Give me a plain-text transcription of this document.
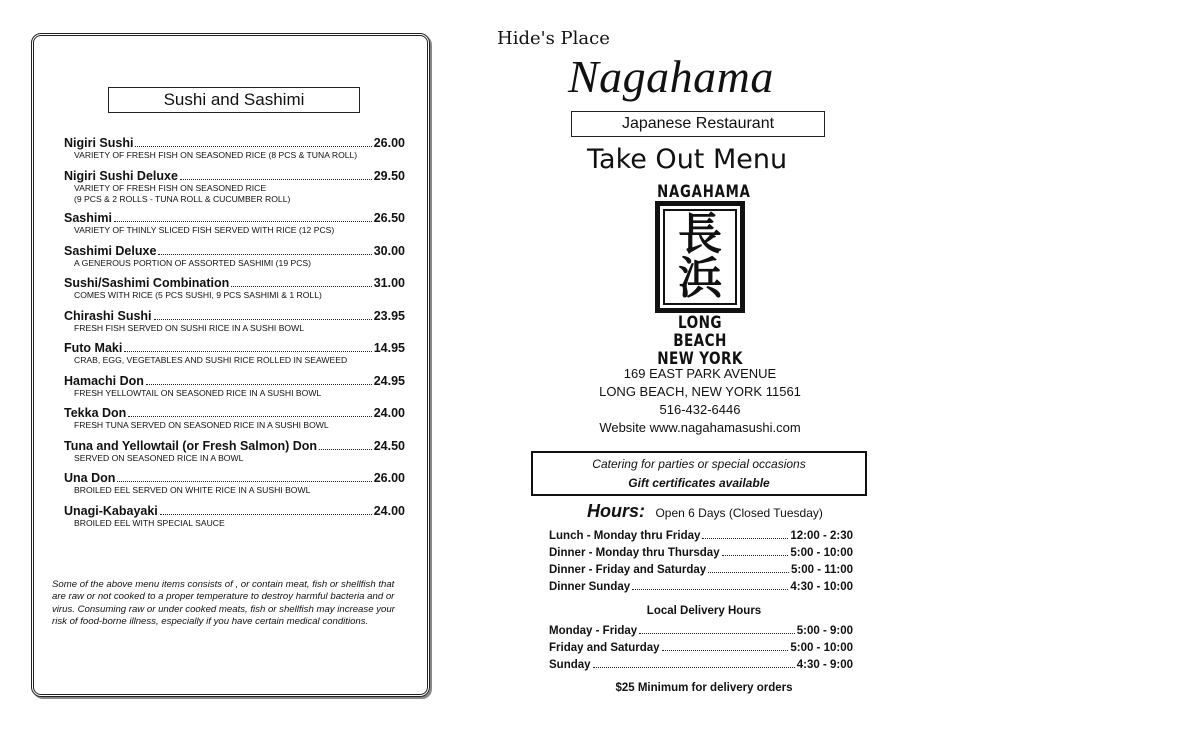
Sushi and Sashimi
Nigiri Sushi	26.00
VARIETY OF FRESH FISH ON SEASONED RICE (8 PCS & TUNA ROLL)
Nigiri Sushi Deluxe	29.50
VARIETY OF FRESH FISH ON SEASONED RICE
(9 PCS & 2 ROLLS - TUNA ROLL & CUCUMBER ROLL)
Sashimi	26.50
VARIETY OF THINLY SLICED FISH SERVED WITH RICE (12 PCS)
Sashimi Deluxe	30.00
A GENEROUS PORTION OF ASSORTED SASHIMI (19 PCS)
Sushi/Sashimi Combination	31.00
COMES WITH RICE (5 PCS SUSHI, 9 PCS SASHIMI & 1 ROLL)
Chirashi Sushi	23.95
FRESH FISH SERVED ON SUSHI RICE IN A SUSHI BOWL
Futo Maki	14.95
CRAB, EGG, VEGETABLES AND SUSHI RICE ROLLED IN SEAWEED
Hamachi Don	24.95
FRESH YELLOWTAIL ON SEASONED RICE IN A SUSHI BOWL
Tekka Don	24.00
FRESH TUNA SERVED ON SEASONED RICE IN A SUSHI BOWL
Tuna and Yellowtail (or Fresh Salmon) Don	24.50
SERVED ON SEASONED RICE IN A BOWL
Una Don	26.00
BROILED EEL SERVED ON WHITE RICE IN A SUSHI BOWL
Unagi-Kabayaki	24.00
BROILED EEL WITH SPECIAL SAUCE
Some of the above menu items consists of , or contain meat, fish or shellfish that are raw or not cooked to a proper temperature to destroy harmful bacteria and or virus. Consuming raw or under cooked meats, fish or shellfish may increase your risk of food-borne illness, especially if you have certain medical conditions.
Hide's Place
Nagahama
Japanese Restaurant
Take Out Menu
NAGAHAMA
長
浜
LONG BEACH
NEW YORK
169 EAST PARK AVENUE
LONG BEACH, NEW YORK 11561
516-432-6446
Website www.nagahamasushi.com
Catering for parties or special occasions
Gift certificates available
Hours: Open 6 Days (Closed Tuesday)
Lunch - Monday thru Friday	12:00 - 2:30
Dinner - Monday thru Thursday	5:00 - 10:00
Dinner - Friday and Saturday	5:00 - 11:00
Dinner Sunday	4:30 - 10:00
Local Delivery Hours
Monday - Friday	5:00 - 9:00
Friday and Saturday	5:00 - 10:00
Sunday	4:30 - 9:00
$25 Minimum for delivery orders
